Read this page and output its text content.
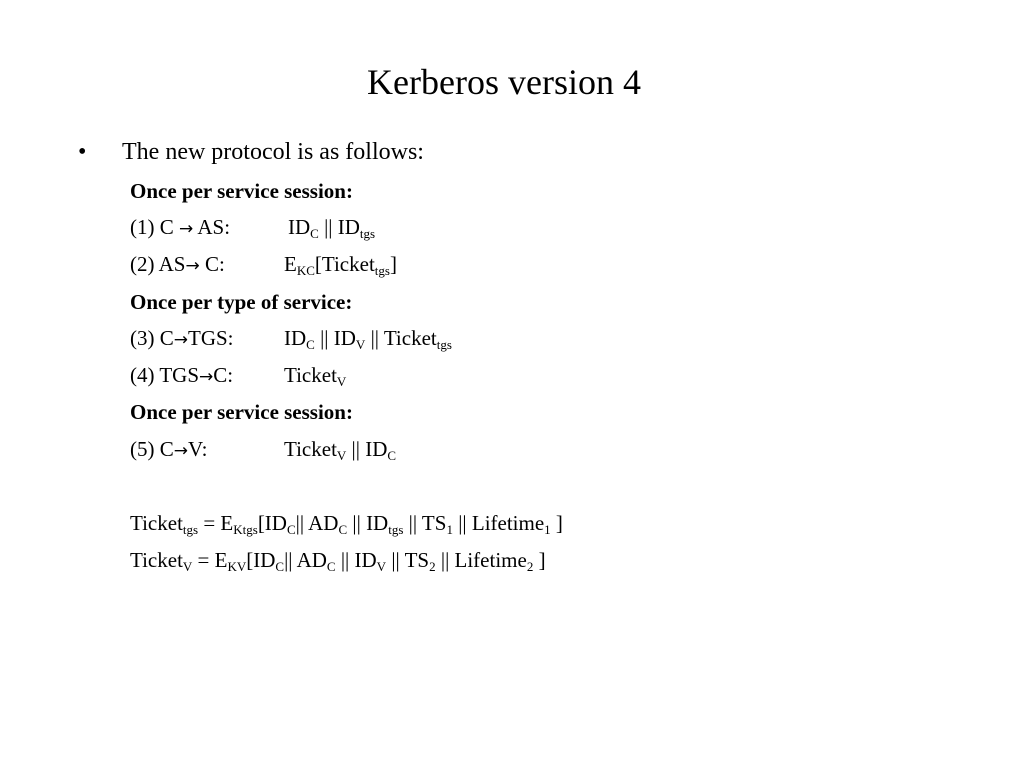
Kerberos version 4
• The new protocol is as follows:
Once per service session:
(1) C → AS:	$ID_C$ || $ID_{tgs}$
(2) AS→ C:	$E_{KC}[Ticket_{tgs}]$
Once per type of service:
(3) C→TGS: $ID_C$ || $ID_V$ || Ticket$_{tgs}$
(4) TGS→C: Ticket$_V$
Once per service session:
(5) C→V:	Ticket$_V$ || $ID_C$
Ticket$_{tgs}$ = $E_{Ktgs}[ID_C||$ $AD_C$ || $ID_{tgs}$ || $TS_1$ || Lifetime$_1$ ]
Ticket$_V$ = $E_{KV}[ID_C||$ $AD_C$ || $ID_V$ || $TS_2$ || Lifetime$_2$ ]
